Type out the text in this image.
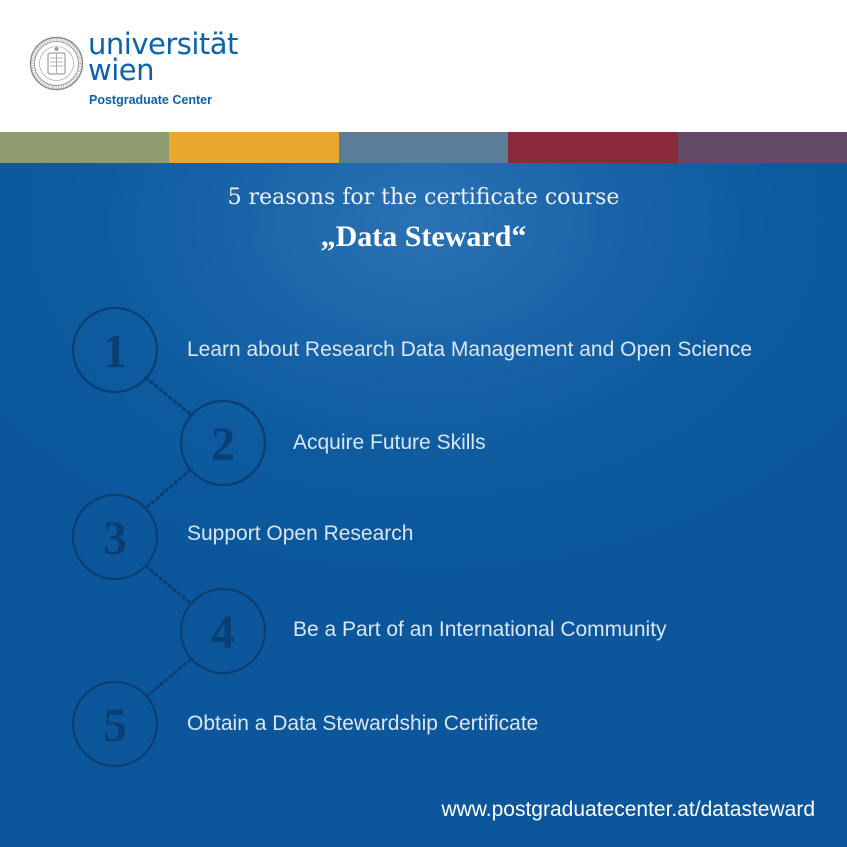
universität
wien
Postgraduate Center
5 reasons for the certificate course
„Data Steward“
1
2
3
4
5
Learn about Research Data Management and Open Science
Acquire Future Skills
Support Open Research
Be a Part of an International Community
Obtain a Data Stewardship Certificate
www.postgraduatecenter.at/datasteward
